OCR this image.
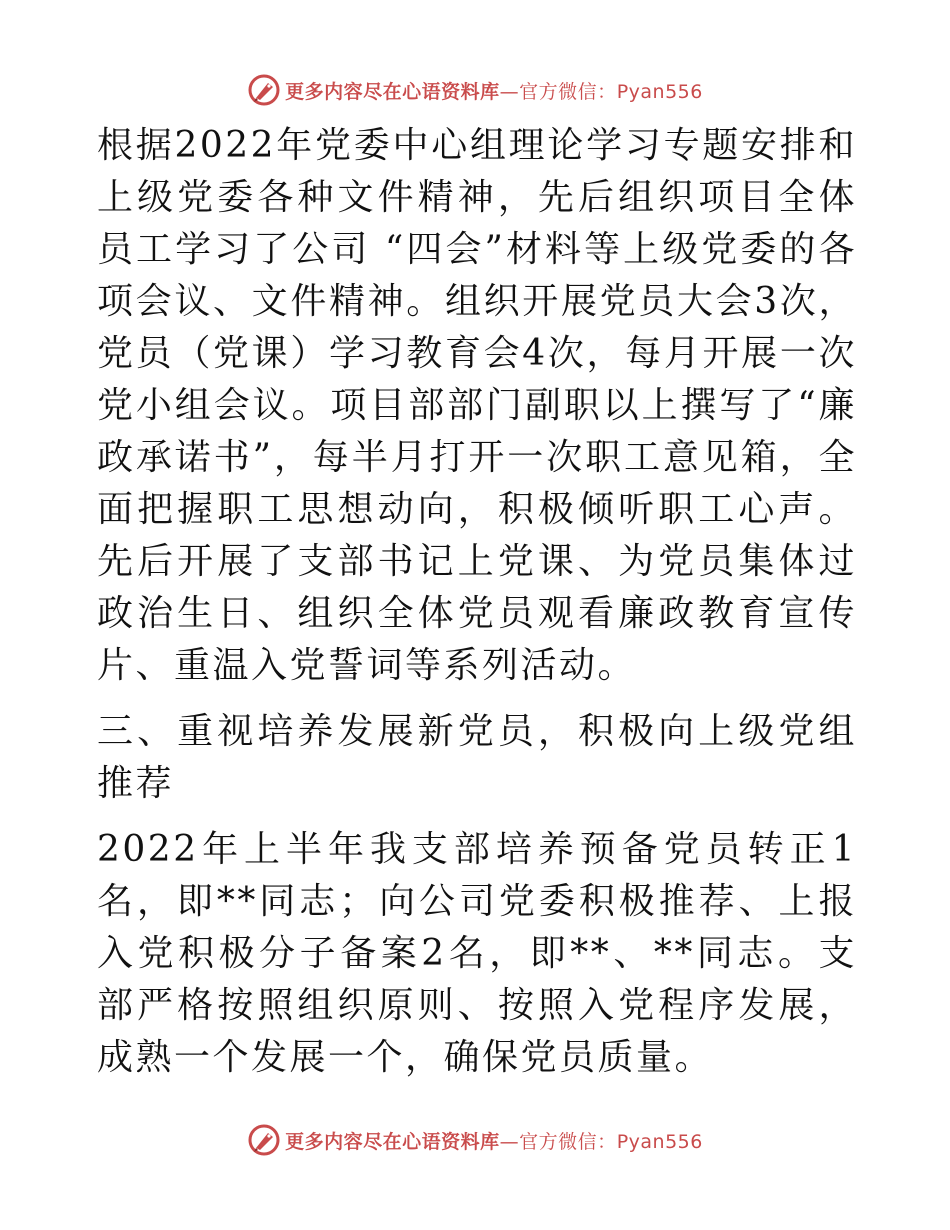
更多内容尽在心语资料库—官方微信：Pyan556

根据2022年党委中心组理论学习专题安排和上级党委各种文件精神，先后组织项目全体员工学习了公司 “四会”材料等上级党委的各项会议、文件精神。组织开展党员大会3次，党员（党课）学习教育会4次，每月开展一次党小组会议。项目部部门副职以上撰写了“廉政承诺书”，每半月打开一次职工意见箱，全面把握职工思想动向，积极倾听职工心声。先后开展了支部书记上党课、为党员集体过政治生日、组织全体党员观看廉政教育宣传片、重温入党誓词等系列活动。

三、重视培养发展新党员，积极向上级党组推荐

2022年上半年我支部培养预备党员转正1名，即**同志；向公司党委积极推荐、上报入党积极分子备案2名，即**、**同志。支部严格按照组织原则、按照入党程序发展，成熟一个发展一个，确保党员质量。

更多内容尽在心语资料库—官方微信：Pyan556
